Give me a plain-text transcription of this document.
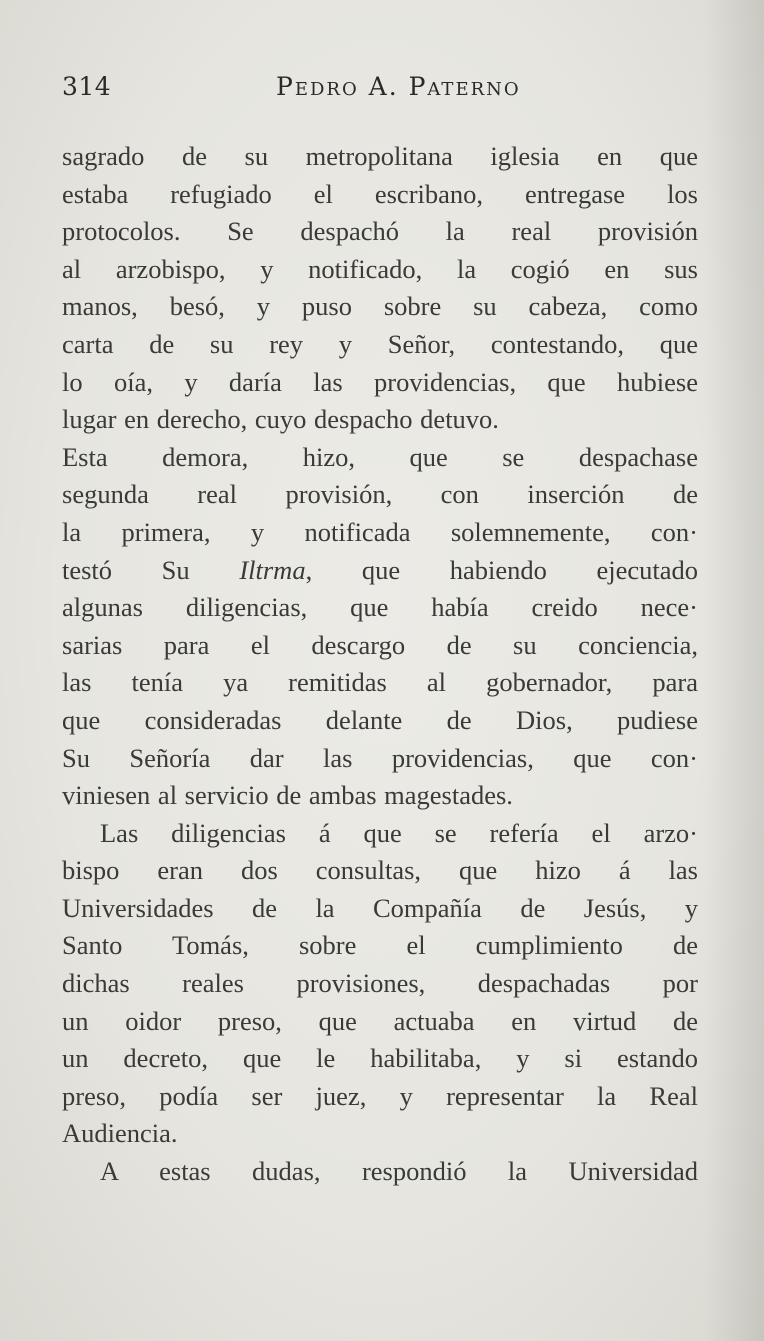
314	Pedro A. Paterno

sagrado de su metropolitana iglesia en que

estaba refugiado el escribano, entregase los

protocolos. Se despachó la real provisión

al arzobispo, y notificado, la cogió en sus

manos, besó, y puso sobre su cabeza, como

carta de su rey y Señor, contestando, que

lo oía, y daría las providencias, que hubiese

lugar en derecho, cuyo despacho detuvo.

Esta demora, hizo, que se despachase

segunda real provisión, con inserción de

la primera, y notificada solemnemente, con·

testó Su Iltrma, que habiendo ejecutado

algunas diligencias, que había creido nece·

sarias para el descargo de su conciencia,

las tenía ya remitidas al gobernador, para

que consideradas delante de Dios, pudiese

Su Señoría dar las providencias, que con·

viniesen al servicio de ambas magestades.

Las diligencias á que se refería el arzo·

bispo eran dos consultas, que hizo á las

Universidades de la Compañía de Jesús, y

Santo Tomás, sobre el cumplimiento de

dichas reales provisiones, despachadas por

un oidor preso, que actuaba en virtud de

un decreto, que le habilitaba, y si estando

preso, podía ser juez, y representar la Real

Audiencia.

A estas dudas, respondió la Universidad
